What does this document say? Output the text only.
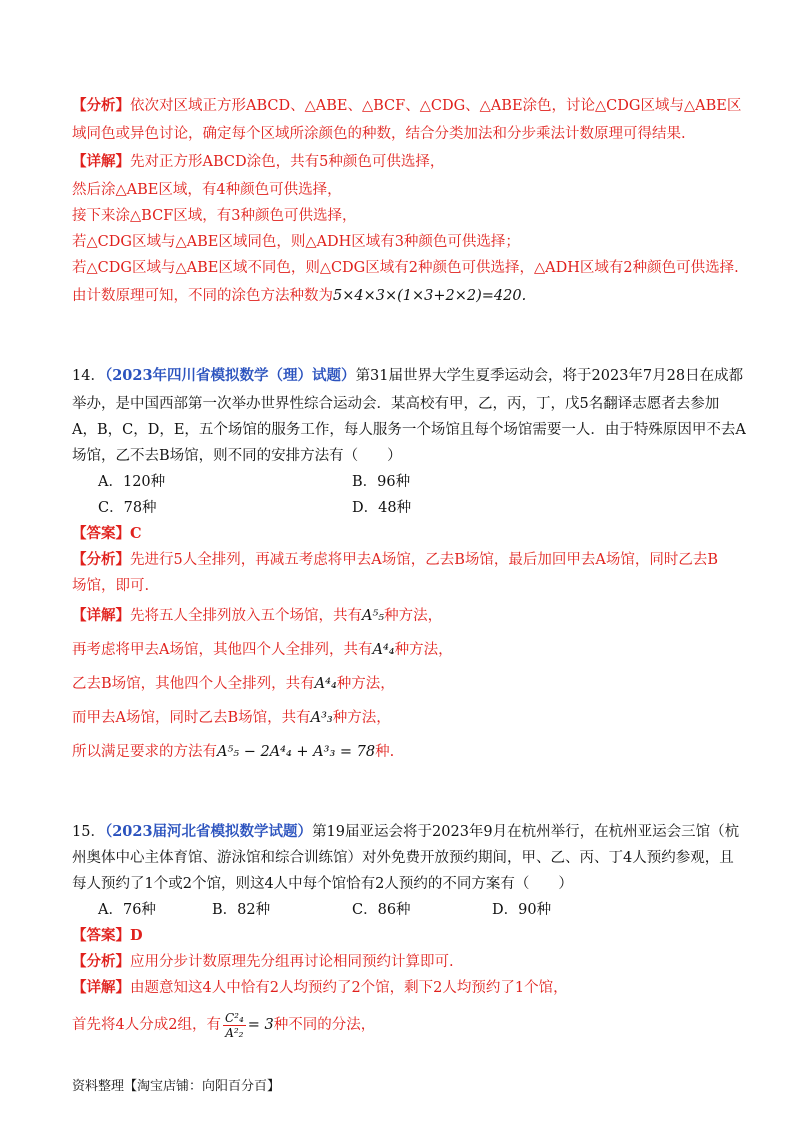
【分析】依次对区域正方形ABCD、△ABE、△BCF、△CDG、△ABE涂色，讨论△CDG区域与△ABE区
域同色或异色讨论，确定每个区域所涂颜色的种数，结合分类加法和分步乘法计数原理可得结果.
【详解】先对正方形ABCD涂色，共有5种颜色可供选择，
然后涂△ABE区域，有4种颜色可供选择，
接下来涂△BCF区域，有3种颜色可供选择，
若△CDG区域与△ABE区域同色，则△ADH区域有3种颜色可供选择；
若△CDG区域与△ABE区域不同色，则△CDG区域有2种颜色可供选择，△ADH区域有2种颜色可供选择.
由计数原理可知，不同的涂色方法种数为5×4×3×(1×3+2×2)=420.
14．（2023年四川省模拟数学（理）试题）第31届世界大学生夏季运动会，将于2023年7月28日在成都
举办，是中国西部第一次举办世界性综合运动会．某高校有甲，乙，丙，丁，戊5名翻译志愿者去参加
A，B，C，D，E，五个场馆的服务工作，每人服务一个场馆且每个场馆需要一人．由于特殊原因甲不去A
场馆，乙不去B场馆，则不同的安排方法有（　　）
A．120种	B．96种
C．78种	D．48种
【答案】C
【分析】先进行5人全排列，再减五考虑将甲去A场馆，乙去B场馆，最后加回甲去A场馆，同时乙去B
场馆，即可.
【详解】先将五人全排列放入五个场馆，共有A⁵₅种方法，
再考虑将甲去A场馆，其他四个人全排列，共有A⁴₄种方法，
乙去B场馆，其他四个人全排列，共有A⁴₄种方法，
而甲去A场馆，同时乙去B场馆，共有A³₃种方法，
所以满足要求的方法有A⁵₅ − 2A⁴₄ + A³₃ = 78种.
15．（2023届河北省模拟数学试题）第19届亚运会将于2023年9月在杭州举行，在杭州亚运会三馆（杭
州奥体中心主体育馆、游泳馆和综合训练馆）对外免费开放预约期间，甲、乙、丙、丁4人预约参观，且
每人预约了1个或2个馆，则这4人中每个馆恰有2人预约的不同方案有（　　）
A．76种	B．82种	C．86种	D．90种
【答案】D
【分析】应用分步计数原理先分组再讨论相同预约计算即可.
【详解】由题意知这4人中恰有2人均预约了2个馆，剩下2人均预约了1个馆，
首先将4人分成2组，有 $\frac{\text{C²₄}}{\text{A²₂}} = 3$种不同的分法，
资料整理【淘宝店铺：向阳百分百】
